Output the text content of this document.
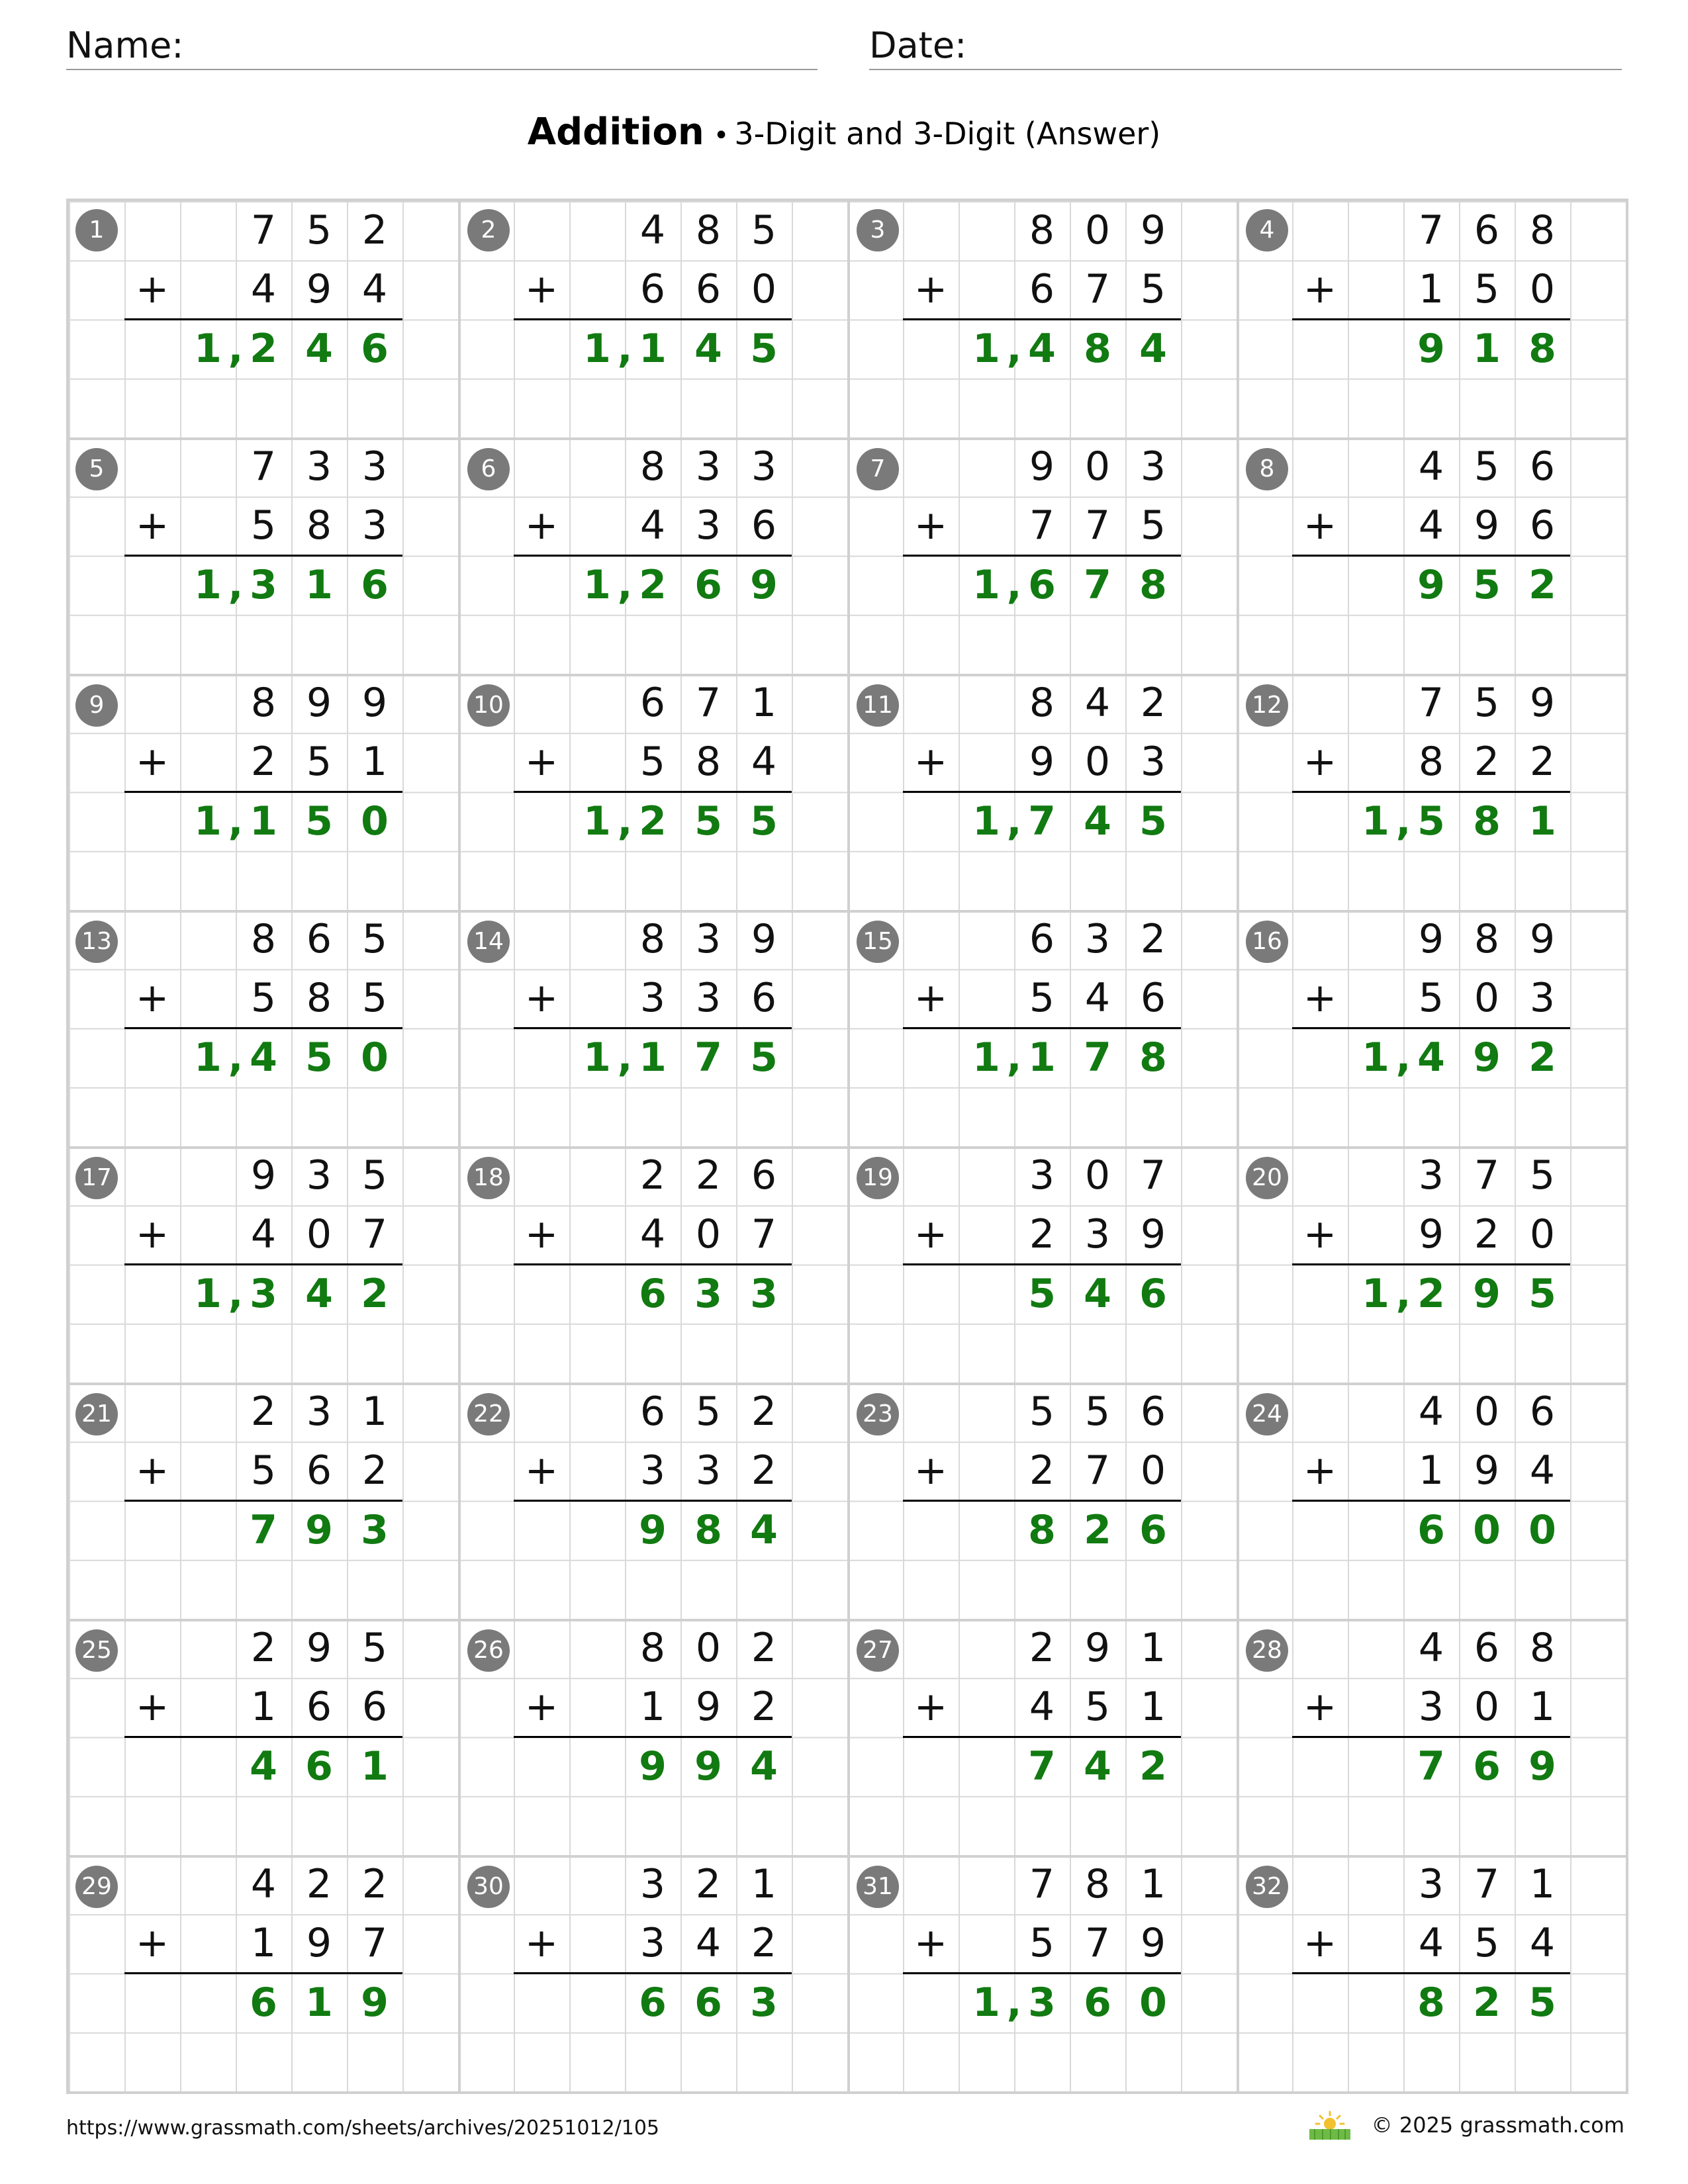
Name:	Date:
Addition • 3-Digit and 3-Digit (Answer)
1	7 5 2
+	4 9 4
1 2 4 6
,
2	4 8 5
+	6 6 0
1 1 4 5
,
3	8 0 9
+	6 7 5
1 4 8 4
,
4	7 6 8
+	1 5 0
9 1 8
5	7 3 3
+	5 8 3
1 3 1 6
,
6	8 3 3
+	4 3 6
1 2 6 9
,
7	9 0 3
+	7 7 5
1 6 7 8
,
8	4 5 6
+	4 9 6
9 5 2
9	8 9 9
+	2 5 1
1 1 5 0
,
10	6 7 1
+	5 8 4
1 2 5 5
,
11	8 4 2
+	9 0 3
1 7 4 5
,
12	7 5 9
+	8 2 2
1 5 8 1
,
13	8 6 5
+	5 8 5
1 4 5 0
,
14	8 3 9
+	3 3 6
1 1 7 5
,
15	6 3 2
+	5 4 6
1 1 7 8
,
16	9 8 9
+	5 0 3
1 4 9 2
,
17	9 3 5
+	4 0 7
1 3 4 2
,
18	2 2 6
+	4 0 7
6 3 3
19	3 0 7
+	2 3 9
5 4 6
20	3 7 5
+	9 2 0
1 2 9 5
,
21	2 3 1
+	5 6 2
7 9 3
22	6 5 2
+	3 3 2
9 8 4
23	5 5 6
+	2 7 0
8 2 6
24	4 0 6
+	1 9 4
6 0 0
25	2 9 5
+	1 6 6
4 6 1
26	8 0 2
+	1 9 2
9 9 4
27	2 9 1
+	4 5 1
7 4 2
28	4 6 8
+	3 0 1
7 6 9
29	4 2 2
+	1 9 7
6 1 9
30	3 2 1
+	3 4 2
6 6 3
31	7 8 1
+	5 7 9
1 3 6 0
,
32	3 7 1
+	4 5 4
8 2 5
https://www.grassmath.com/sheets/archives/20251012/105	© 2025 grassmath.com
